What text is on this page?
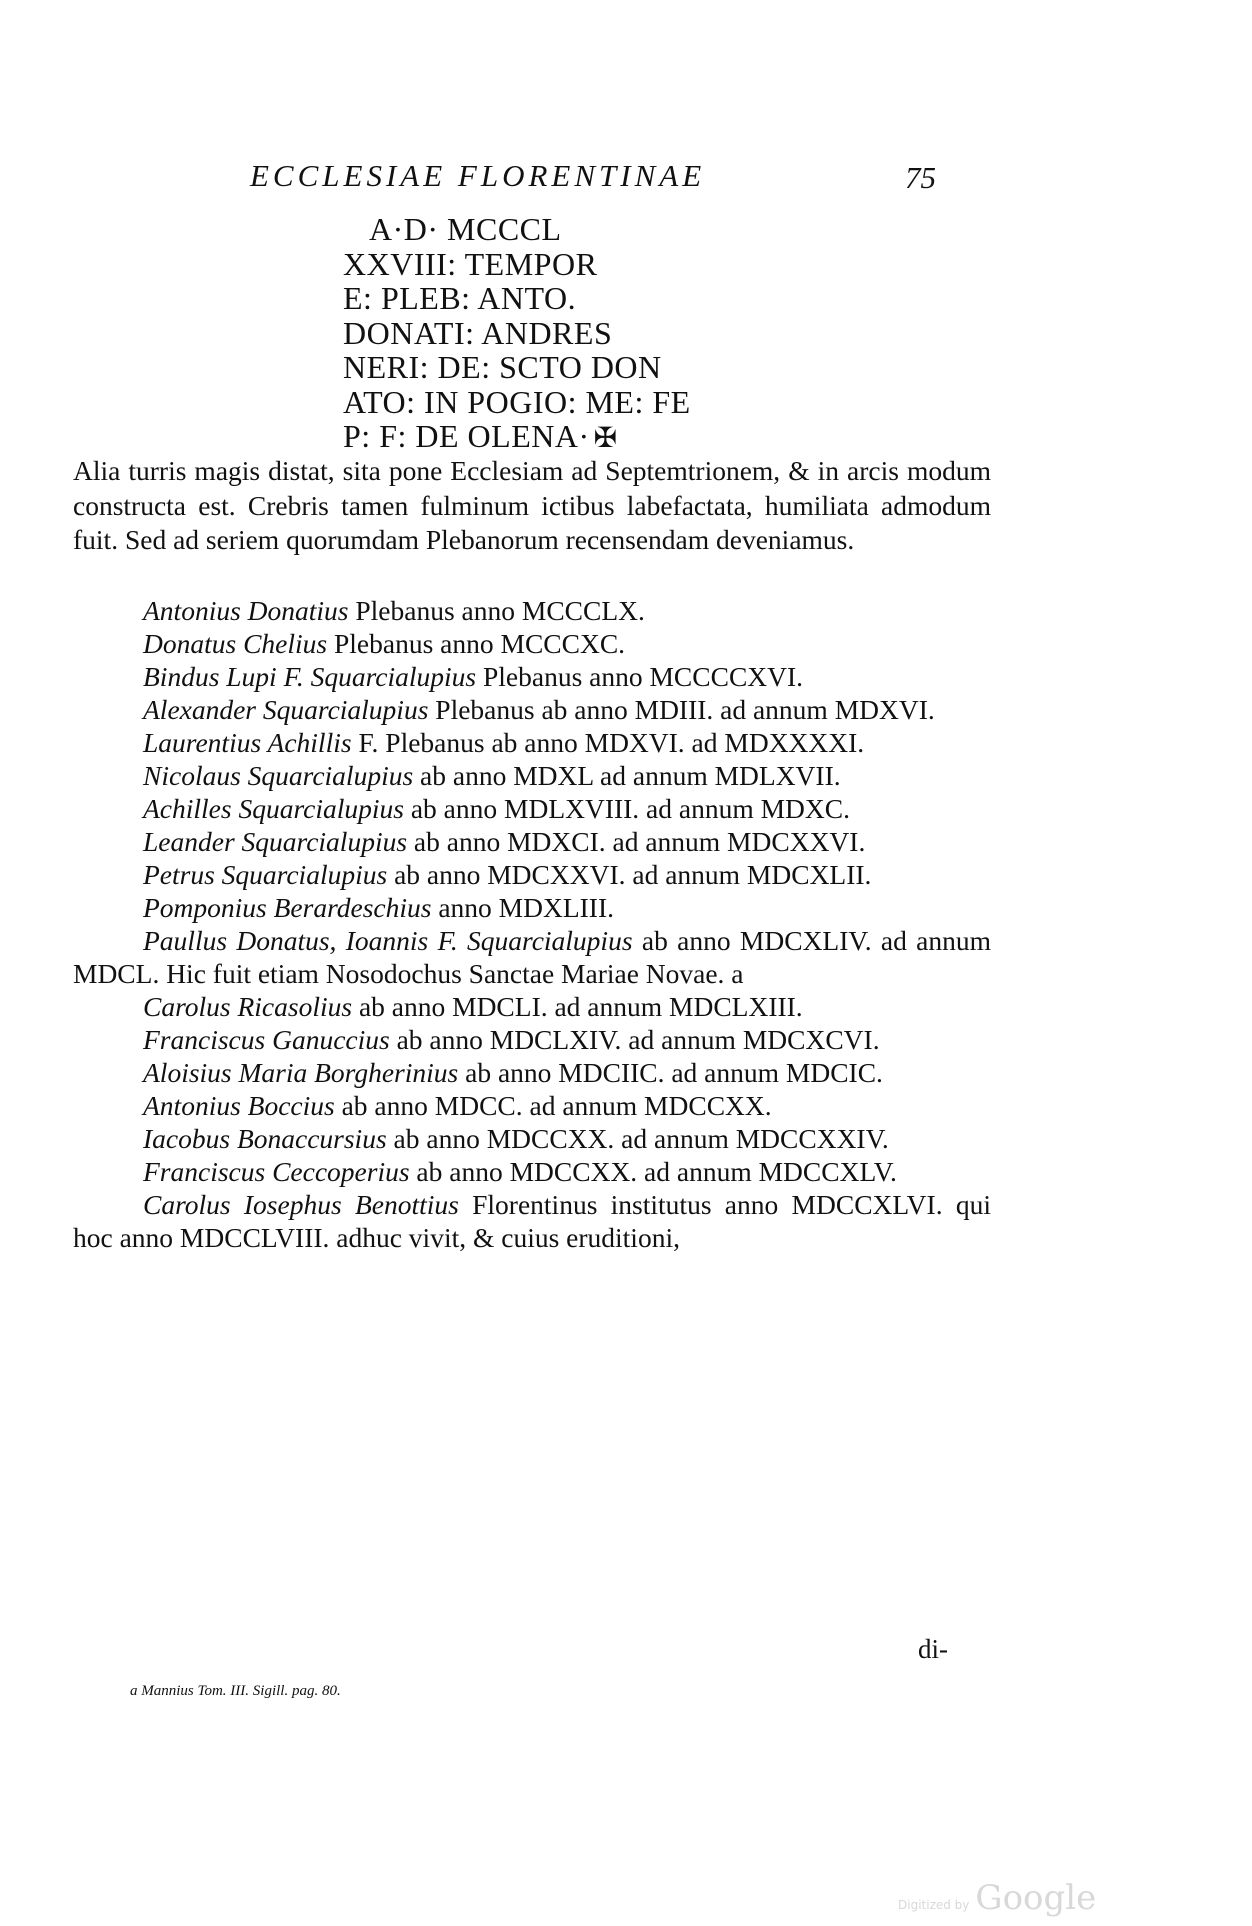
ECCLESIAE FLORENTINAE	75
A·D· MCCCL
XXVIII: TEMPOR
E: PLEB: ANTO.
DONATI: ANDRES
NERI: DE: SCTO DON
ATO: IN POGIO: ME: FE
P: F: DE OLENA· ✠
Alia turris magis distat, sita pone Ecclesiam ad Septemtrionem, & in arcis modum constructa est. Crebris tamen fulminum ictibus labefactata, humiliata admodum fuit. Sed ad seriem quorumdam Plebanorum recensendam deveniamus.
Antonius Donatius Plebanus anno MCCCLX.
Donatus Chelius Plebanus anno MCCCXC.
Bindus Lupi F. Squarcialupius Plebanus anno MCCCCXVI.
Alexander Squarcialupius Plebanus ab anno MDIII. ad annum MDXVI.
Laurentius Achillis F. Plebanus ab anno MDXVI. ad MDXXXXI.
Nicolaus Squarcialupius ab anno MDXL ad annum MDLXVII.
Achilles Squarcialupius ab anno MDLXVIII. ad annum MDXC.
Leander Squarcialupius ab anno MDXCI. ad annum MDCXXVI.
Petrus Squarcialupius ab anno MDCXXVI. ad annum MDCXLII.
Pomponius Berardeschius anno MDXLIII.
Paullus Donatus, Ioannis F. Squarcialupius ab anno MDCXLIV. ad annum MDCL. Hic fuit etiam Nosodochus Sanctae Mariae Novae. a
Carolus Ricasolius ab anno MDCLI. ad annum MDCLXIII.
Franciscus Ganuccius ab anno MDCLXIV. ad annum MDCXCVI.
Aloisius Maria Borgherinius ab anno MDCIIC. ad annum MDCIC.
Antonius Boccius ab anno MDCC. ad annum MDCCXX.
Iacobus Bonaccursius ab anno MDCCXX. ad annum MDCCXXIV.
Franciscus Ceccoperius ab anno MDCCXX. ad annum MDCCXLV.
Carolus Iosephus Benottius Florentinus institutus anno MDCCXLVI. qui hoc anno MDCCLVIII. adhuc vivit, & cuius eruditioni,
di-
a Mannius Tom. III. Sigill. pag. 80.
Digitized by Google
